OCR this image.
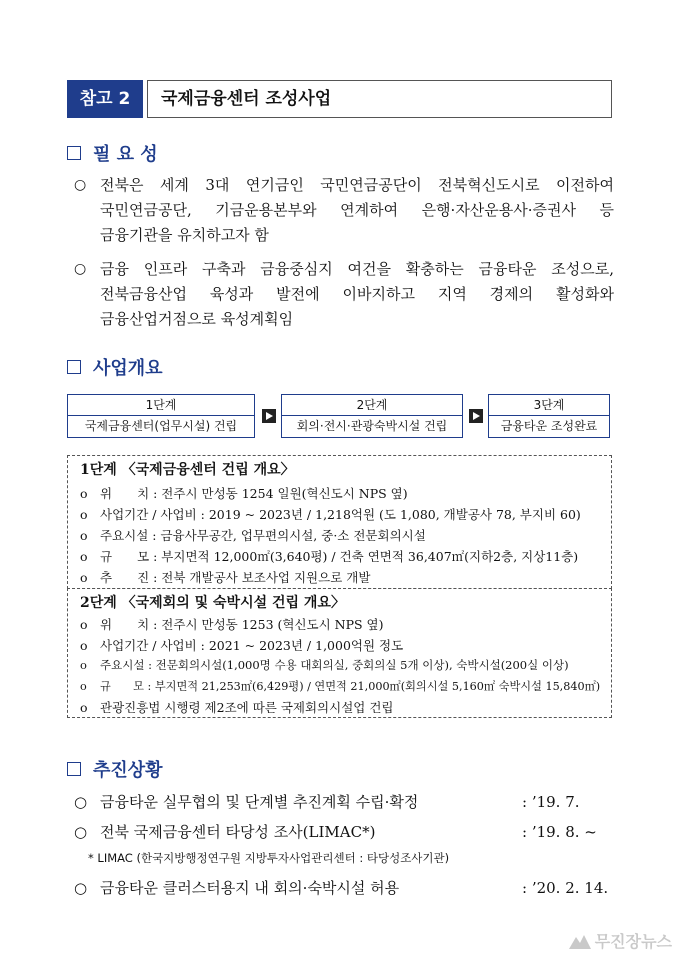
참고 2	국제금융센터 조성사업
필 요 성
○ 전북은 세계 3대 연기금인 국민연금공단이 전북혁신도시로 이전하여
국민연금공단, 기금운용본부와 연계하여 은행·자산운용사·증권사 등
금융기관을 유치하고자 함
○ 금융 인프라 구축과 금융중심지 여건을 확충하는 금융타운 조성으로,
전북금융산업 육성과 발전에 이바지하고 지역 경제의 활성화와
금융산업거점으로 육성계획임
사업개요
1단계
국제금융센터(업무시설) 건립
2단계
회의·전시·관광숙박시설 건립
3단계
금융타운 조성완료
1단계 〈국제금융센터 건립 개요〉
o 위　　치 : 전주시 만성동 1254 일원(혁신도시 NPS 옆)
o 사업기간 / 사업비 : 2019 ~ 2023년 / 1,218억원 (도 1,080, 개발공사 78, 부지비 60)
o 주요시설 : 금융사무공간, 업무편의시설, 중·소 전문회의시설
o 규　　모 : 부지면적 12,000㎡(3,640평) / 건축 연면적 36,407㎡(지하2층, 지상11층)
o 추　　진 : 전북 개발공사 보조사업 지원으로 개발
2단계 〈국제회의 및 숙박시설 건립 개요〉
o 위　　치 : 전주시 만성동 1253 (혁신도시 NPS 옆)
o 사업기간 / 사업비 : 2021 ~ 2023년 / 1,000억원 정도
o 주요시설 : 전문회의시설(1,000명 수용 대회의실, 중회의실 5개 이상), 숙박시설(200실 이상)
o 규　　모 : 부지면적 21,253㎡(6,429평) / 연면적 21,000㎡(회의시설 5,160㎡ 숙박시설 15,840㎡)
o 관광진흥법 시행령 제2조에 따른 국제회의시설업 건립
추진상황
○ 금융타운 실무협의 및 단계별 추진계획 수립·확정	: ’19. 7.
○ 전북 국제금융센터 타당성 조사(LIMAC*)	: ’19. 8. ~
* LIMAC (한국지방행정연구원 지방투자사업관리센터 : 타당성조사기관)
○ 금융타운 클러스터용지 내 회의·숙박시설 허용	: ’20. 2. 14.
무진장뉴스
